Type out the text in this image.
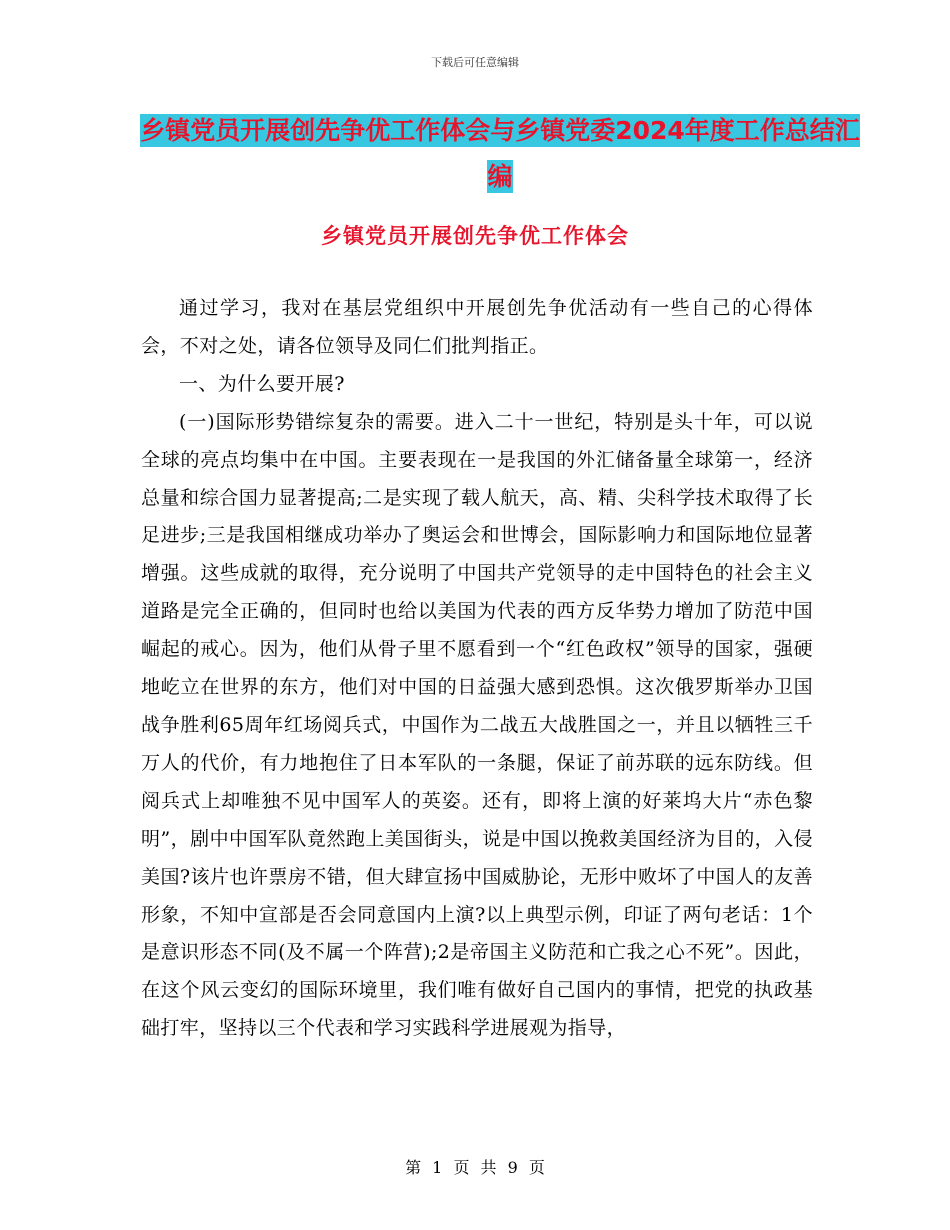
下载后可任意编辑
乡镇党员开展创先争优工作体会与乡镇党委2024年度工作总结汇编
乡镇党员开展创先争优工作体会

通过学习，我对在基层党组织中开展创先争优活动有一些自己的心得体会，不对之处，请各位领导及同仁们批判指正。

一、为什么要开展?

(一)国际形势错综复杂的需要。进入二十一世纪，特别是头十年，可以说全球的亮点均集中在中国。主要表现在一是我国的外汇储备量全球第一，经济总量和综合国力显著提高;二是实现了载人航天，高、精、尖科学技术取得了长足进步;三是我国相继成功举办了奥运会和世博会，国际影响力和国际地位显著增强。这些成就的取得，充分说明了中国共产党领导的走中国特色的社会主义道路是完全正确的，但同时也给以美国为代表的西方反华势力增加了防范中国崛起的戒心。因为，他们从骨子里不愿看到一个“红色政权”领导的国家，强硬地屹立在世界的东方，他们对中国的日益强大感到恐惧。这次俄罗斯举办卫国战争胜利65周年红场阅兵式，中国作为二战五大战胜国之一，并且以牺牲三千万人的代价，有力地抱住了日本军队的一条腿，保证了前苏联的远东防线。但阅兵式上却唯独不见中国军人的英姿。还有，即将上演的好莱坞大片“赤色黎明”，剧中中国军队竟然跑上美国街头，说是中国以挽救美国经济为目的，入侵美国?该片也许票房不错，但大肆宣扬中国威胁论，无形中败坏了中国人的友善形象，不知中宣部是否会同意国内上演?以上典型示例，印证了两句老话：1个是意识形态不同(及不属一个阵营);2是帝国主义防范和亡我之心不死”。因此，在这个风云变幻的国际环境里，我们唯有做好自己国内的事情，把党的执政基础打牢，坚持以三个代表和学习实践科学进展观为指导，

第 1 页 共 9 页
